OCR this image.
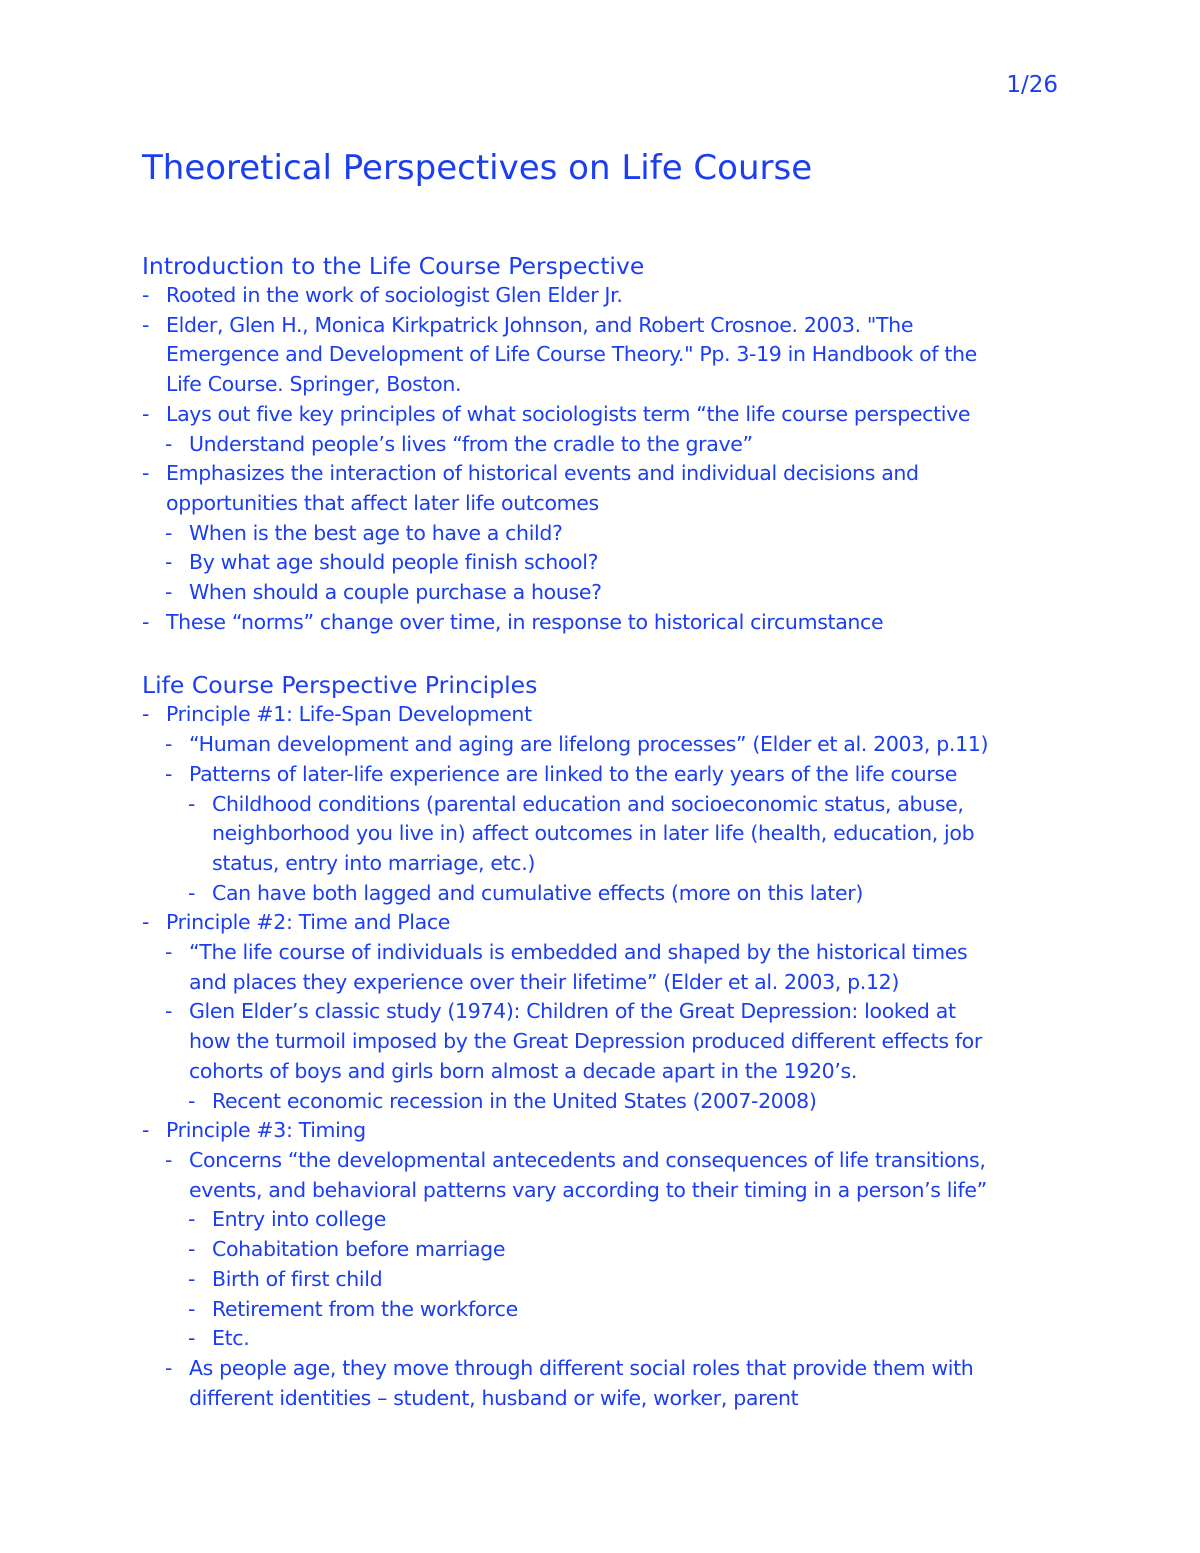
1/26
Theoretical Perspectives on Life Course
Introduction to the Life Course Perspective
- Rooted in the work of sociologist Glen Elder Jr.
- Elder, Glen H., Monica Kirkpatrick Johnson, and Robert Crosnoe. 2003. "The
Emergence and Development of Life Course Theory." Pp. 3-19 in Handbook of the
Life Course. Springer, Boston.
- Lays out five key principles of what sociologists term “the life course perspective
- Understand people’s lives “from the cradle to the grave”
- Emphasizes the interaction of historical events and individual decisions and
opportunities that affect later life outcomes
- When is the best age to have a child?
- By what age should people finish school?
- When should a couple purchase a house?
- These “norms” change over time, in response to historical circumstance
Life Course Perspective Principles
- Principle #1: Life-Span Development
- “Human development and aging are lifelong processes” (Elder et al. 2003, p.11)
- Patterns of later-life experience are linked to the early years of the life course
- Childhood conditions (parental education and socioeconomic status, abuse,
neighborhood you live in) affect outcomes in later life (health, education, job
status, entry into marriage, etc.)
- Can have both lagged and cumulative effects (more on this later)
- Principle #2: Time and Place
- “The life course of individuals is embedded and shaped by the historical times
and places they experience over their lifetime” (Elder et al. 2003, p.12)
- Glen Elder’s classic study (1974): Children of the Great Depression: looked at
how the turmoil imposed by the Great Depression produced different effects for
cohorts of boys and girls born almost a decade apart in the 1920’s.
- Recent economic recession in the United States (2007-2008)
- Principle #3: Timing
- Concerns “the developmental antecedents and consequences of life transitions,
events, and behavioral patterns vary according to their timing in a person’s life”
- Entry into college
- Cohabitation before marriage
- Birth of first child
- Retirement from the workforce
- Etc.
- As people age, they move through different social roles that provide them with
different identities – student, husband or wife, worker, parent
